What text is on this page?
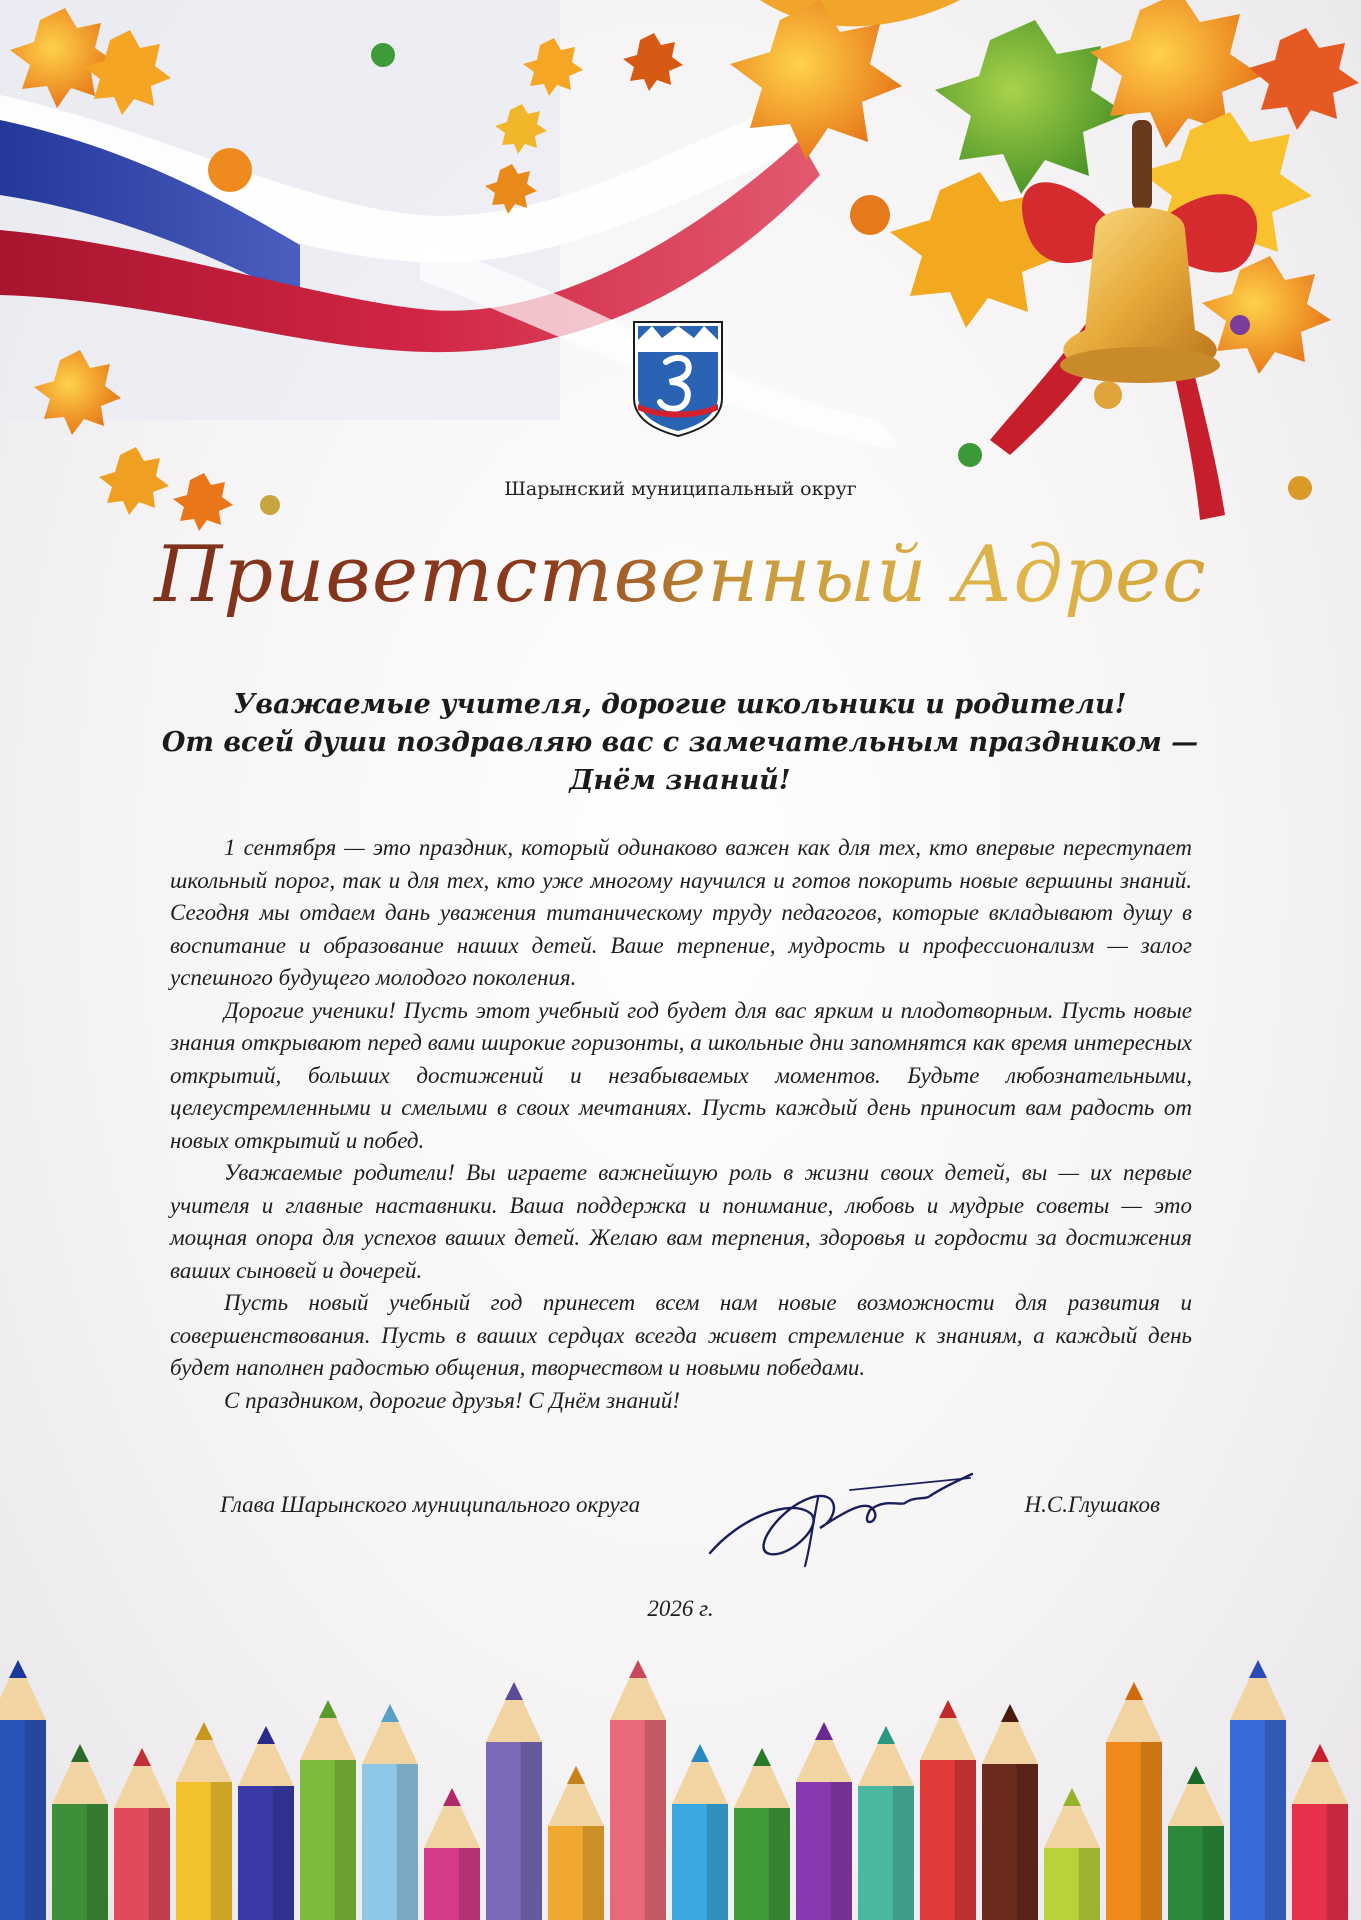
Шарынский муниципальный округ
Приветственный Адрес
Уважаемые учителя, дорогие школьники и родители!
От всей души поздравляю вас с замечательным праздником —
Днём знаний!

1 сентября — это праздник, который одинаково важен как для тех, кто впервые переступает школьный порог, так и для тех, кто уже многому научился и готов покорить новые вершины знаний. Сегодня мы отдаем дань уважения титаническому труду педагогов, которые вкладывают душу в воспитание и образование наших детей. Ваше терпение, мудрость и профессионализм — залог успешного будущего молодого поколения.

Дорогие ученики! Пусть этот учебный год будет для вас ярким и плодотворным. Пусть новые знания открывают перед вами широкие горизонты, а школьные дни запомнятся как время интересных открытий, больших достижений и незабываемых моментов. Будьте любознательными, целеустремленными и смелыми в своих мечтаниях. Пусть каждый день приносит вам радость от новых открытий и побед.

Уважаемые родители! Вы играете важнейшую роль в жизни своих детей, вы — их первые учителя и главные наставники. Ваша поддержка и понимание, любовь и мудрые советы — это мощная опора для успехов ваших детей. Желаю вам терпения, здоровья и гордости за достижения ваших сыновей и дочерей.

Пусть новый учебный год принесет всем нам новые возможности для развития и совершенствования. Пусть в ваших сердцах всегда живет стремление к знаниям, а каждый день будет наполнен радостью общения, творчеством и новыми победами.

С праздником, дорогие друзья! С Днём знаний!

Глава Шарынского муниципального округа	Н.С.Глушаков
2026 г.
